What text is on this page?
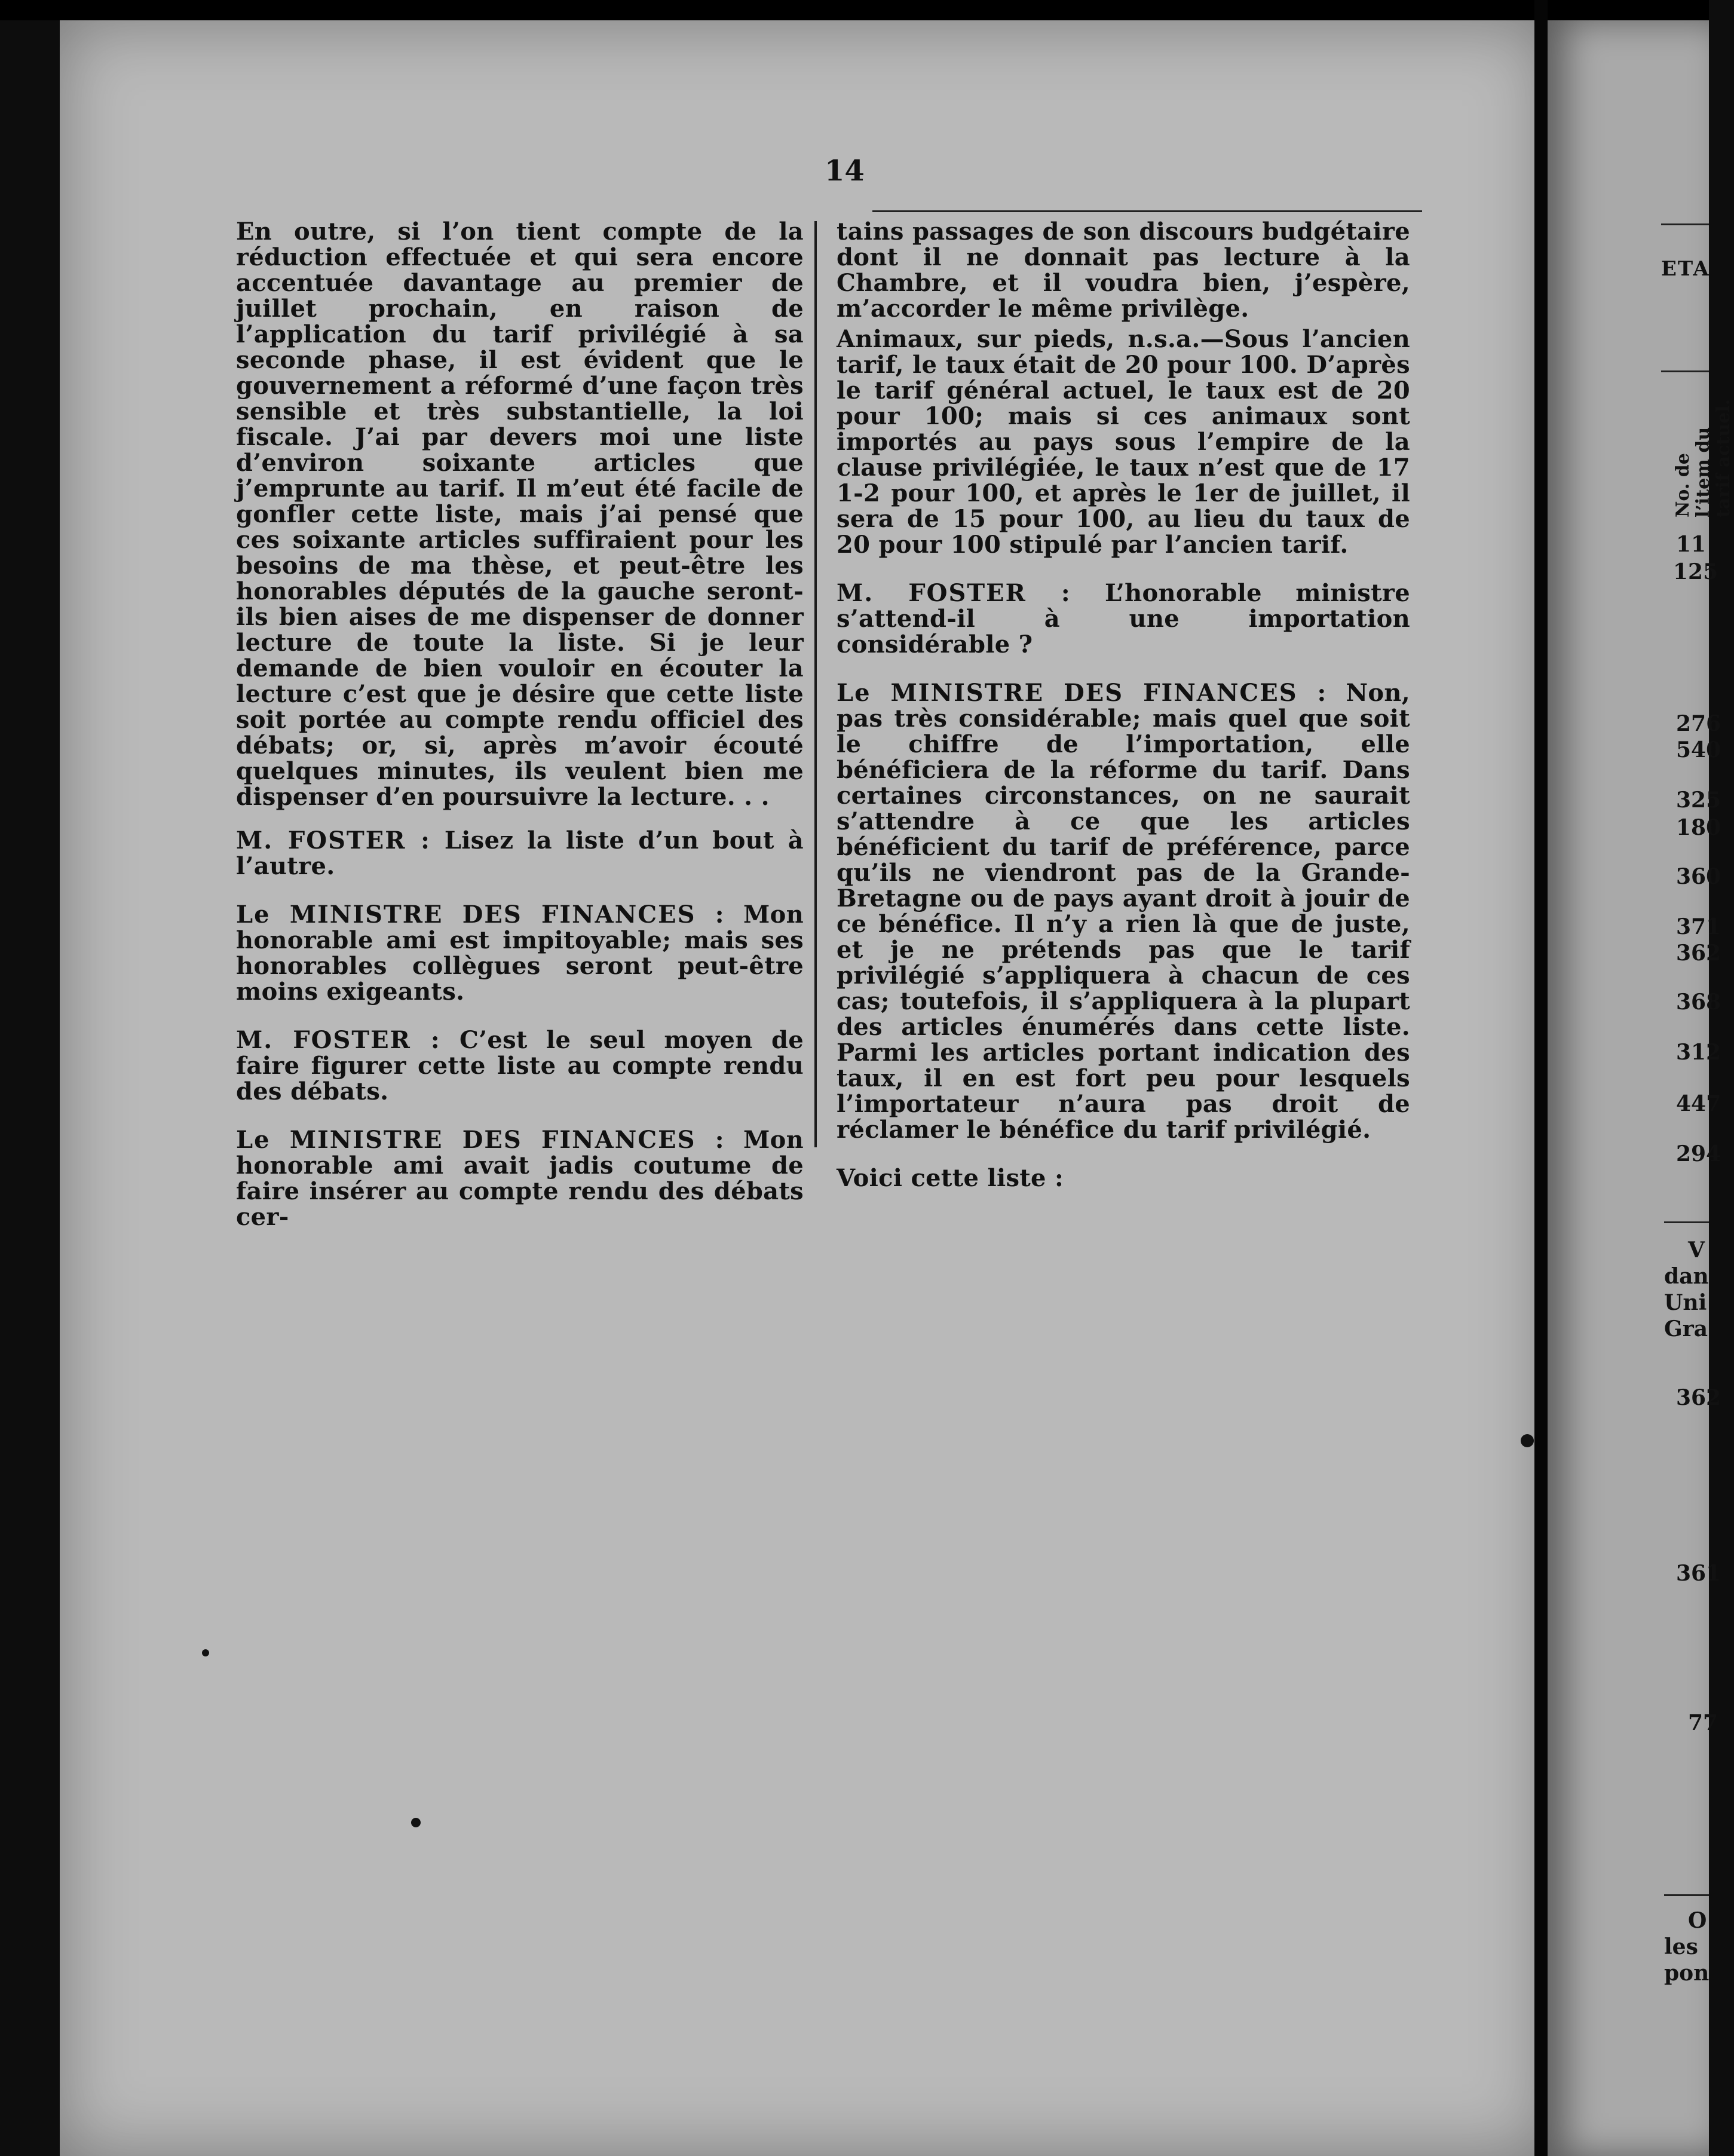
14

En outre, si l’on tient compte de la réduction effectuée et qui sera encore accentuée davantage au premier de juillet prochain, en raison de l’application du tarif privilégié à sa seconde phase, il est évident que le gouvernement a réformé d’une façon très sensible et très substantielle, la loi fiscale. J’ai par devers moi une liste d’environ soixante articles que j’emprunte au tarif. Il m’eut été facile de gonfler cette liste, mais j’ai pensé que ces soixante articles suffiraient pour les besoins de ma thèse, et peut-être les honorables députés de la gauche seront-ils bien aises de me dispenser de donner lecture de toute la liste. Si je leur demande de bien vouloir en écouter la lecture c’est que je désire que cette liste soit portée au compte rendu officiel des débats; or, si, après m’avoir écouté quelques minutes, ils veulent bien me dispenser d’en poursuivre la lecture. . .

M. FOSTER : Lisez la liste d’un bout à l’autre.

Le MINISTRE DES FINANCES : Mon honorable ami est impitoyable; mais ses honorables collègues seront peut-être moins exigeants.

M. FOSTER : C’est le seul moyen de faire figurer cette liste au compte rendu des débats.

Le MINISTRE DES FINANCES : Mon honorable ami avait jadis coutume de faire insérer au compte rendu des débats cer-

tains passages de son discours budgétaire dont il ne donnait pas lecture à la Chambre, et il voudra bien, j’espère, m’accorder le même privilège.

Animaux, sur pieds, n.s.a.—Sous l’ancien tarif, le taux était de 20 pour 100. D’après le tarif général actuel, le taux est de 20 pour 100; mais si ces animaux sont importés au pays sous l’empire de la clause privilégiée, le taux n’est que de 17 1-2 pour 100, et après le 1er de juillet, il sera de 15 pour 100, au lieu du taux de 20 pour 100 stipulé par l’ancien tarif.

M. FOSTER : L’honorable ministre s’attend-il à une importation considérable ?

Le MINISTRE DES FINANCES : Non, pas très considérable; mais quel que soit le chiffre de l’importation, elle bénéficiera de la réforme du tarif. Dans certaines circonstances, on ne saurait s’attendre à ce que les articles bénéficient du tarif de préférence, parce qu’ils ne viendront pas de la Grande-Bretagne ou de pays ayant droit à jouir de ce bénéfice. Il n’y a rien là que de juste, et je ne prétends pas que le tarif privilégié s’appliquera à chacun de ces cas; toutefois, il s’appliquera à la plupart des articles énumérés dans cette liste. Parmi les articles portant indication des taux, il en est fort peu pour lesquels l’importateur n’aura pas droit de réclamer le bénéfice du tarif privilégié.

Voici cette liste :

ETA
No. de l’item du tarif actuel.
11
125
276
540
325
180
360
371
362
368
312
447
294
V
dan
Uni
Gra
362
361
77
O
les
pon
